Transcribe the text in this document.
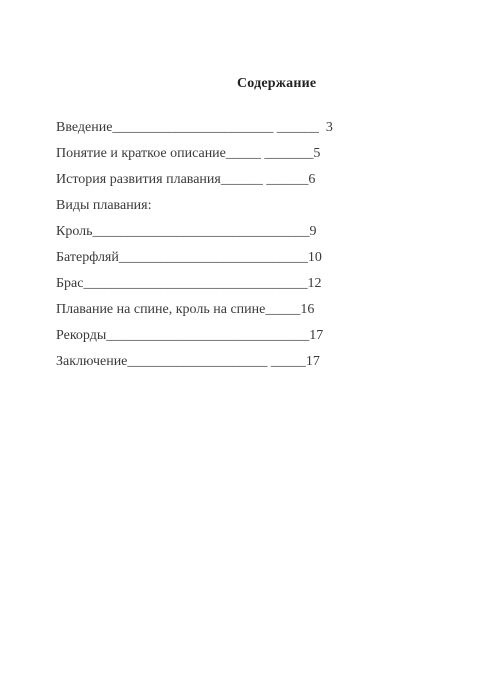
Содержание
Введение_______________________ ______  3
Понятие и краткое описание_____ _______5
История развития плавания______ ______6
Виды плавания:
Кроль_______________________________9
Батерфляй___________________________10
Брас________________________________12
Плавание на спине, кроль на спине_____16
Рекорды_____________________________17
Заключение____________________ _____17
